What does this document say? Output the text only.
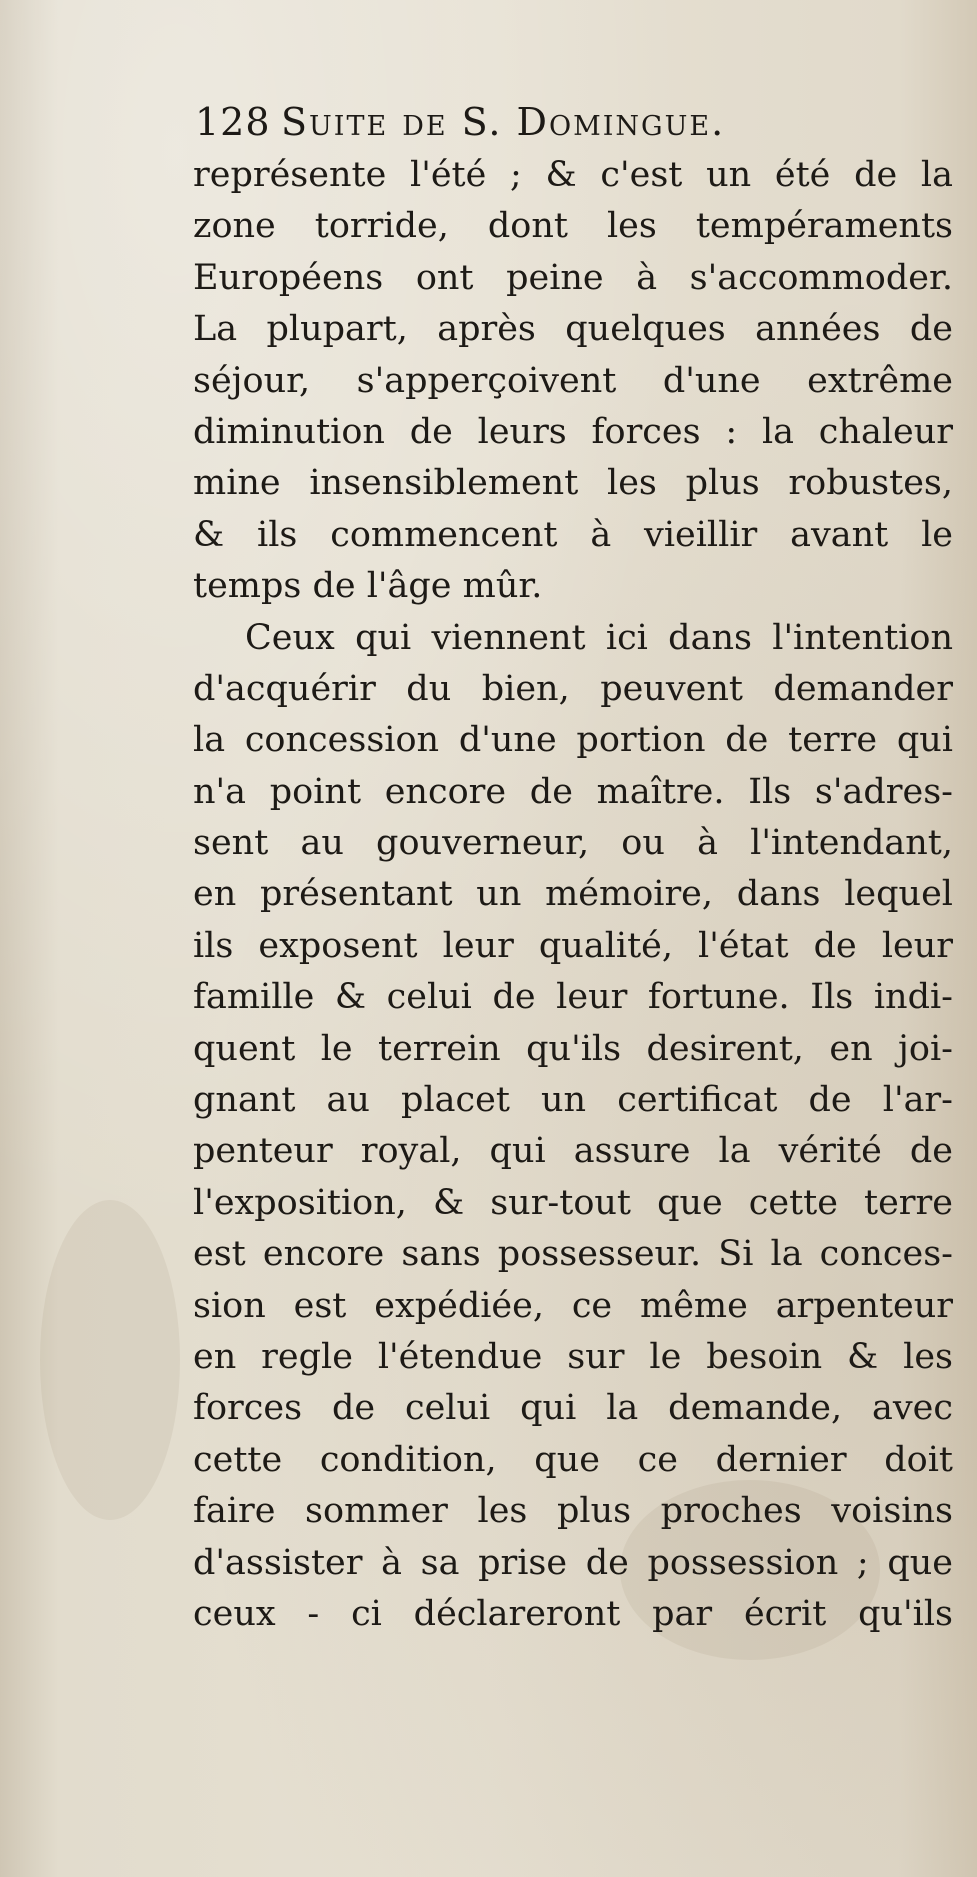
128 Suite de S. Domingue.
représente l'été ; & c'est un été de la
zone torride, dont les tempéraments
Européens ont peine à s'accommoder.
La plupart, après quelques années de
séjour, s'apperçoivent d'une extrême
diminution de leurs forces : la chaleur
mine insensiblement les plus robustes,
& ils commencent à vieillir avant le
temps de l'âge mûr.
Ceux qui viennent ici dans l'intention
d'acquérir du bien, peuvent demander
la concession d'une portion de terre qui
n'a point encore de maître. Ils s'adres-
sent au gouverneur, ou à l'intendant,
en présentant un mémoire, dans lequel
ils exposent leur qualité, l'état de leur
famille & celui de leur fortune. Ils indi-
quent le terrein qu'ils desirent, en joi-
gnant au placet un certificat de l'ar-
penteur royal, qui assure la vérité de
l'exposition, & sur-tout que cette terre
est encore sans possesseur. Si la conces-
sion est expédiée, ce même arpenteur
en regle l'étendue sur le besoin & les
forces de celui qui la demande, avec
cette condition, que ce dernier doit
faire sommer les plus proches voisins
d'assister à sa prise de possession ; que
ceux - ci déclareront par écrit qu'ils
